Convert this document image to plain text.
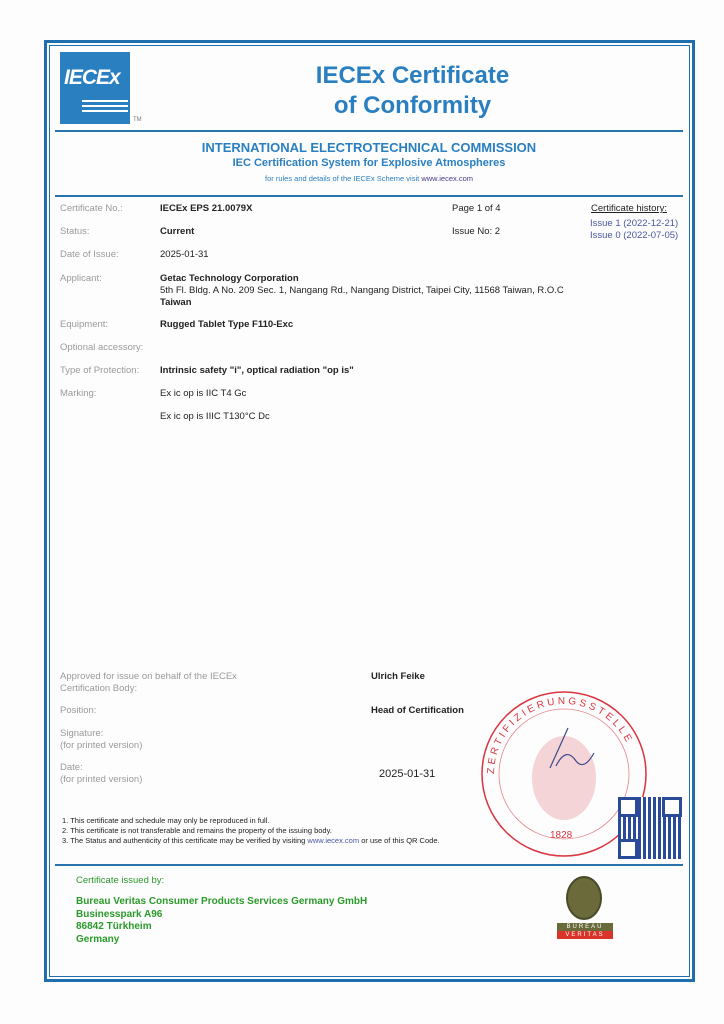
IECEx
TM
IECEx Certificate
of Conformity
INTERNATIONAL ELECTROTECHNICAL COMMISSION
IEC Certification System for Explosive Atmospheres
for rules and details of the IECEx Scheme visit www.iecex.com
Certificate No.:	IECEx EPS 21.0079X	Page 1 of 4	Certificate history:
Issue 1 (2022-12-21)
Issue 0 (2022-07-05)
Status:	Current	Issue No: 2
Date of Issue:	2025-01-31
Applicant:	Getac Technology Corporation
5th Fl. Bldg. A No. 209 Sec. 1, Nangang Rd., Nangang District, Taipei City, 11568 Taiwan, R.O.C
Taiwan
Equipment:	Rugged Tablet Type F110-Exc
Optional accessory:
Type of Protection: Intrinsic safety "i", optical radiation "op is"
Marking:	Ex ic op is IIC T4 Gc
Ex ic op is IIIC T130°C Dc
ZERTIFIZIERUNGSSTELLE
1828
Approved for issue on behalf of the IECEx
Certification Body:
Ulrich Feike
Position:	Head of Certification
Signature:
(for printed version)
Date:
(for printed version)	2025-01-31
1. This certificate and schedule may only be reproduced in full.
2. This certificate is not transferable and remains the property of the issuing body.
3. The Status and authenticity of this certificate may be verified by visiting www.iecex.com or use of this QR Code.
Certificate issued by:
Bureau Veritas Consumer Products Services Germany GmbH
Businesspark A96
86842 Türkheim
Germany
BUREAU
VERITAS
